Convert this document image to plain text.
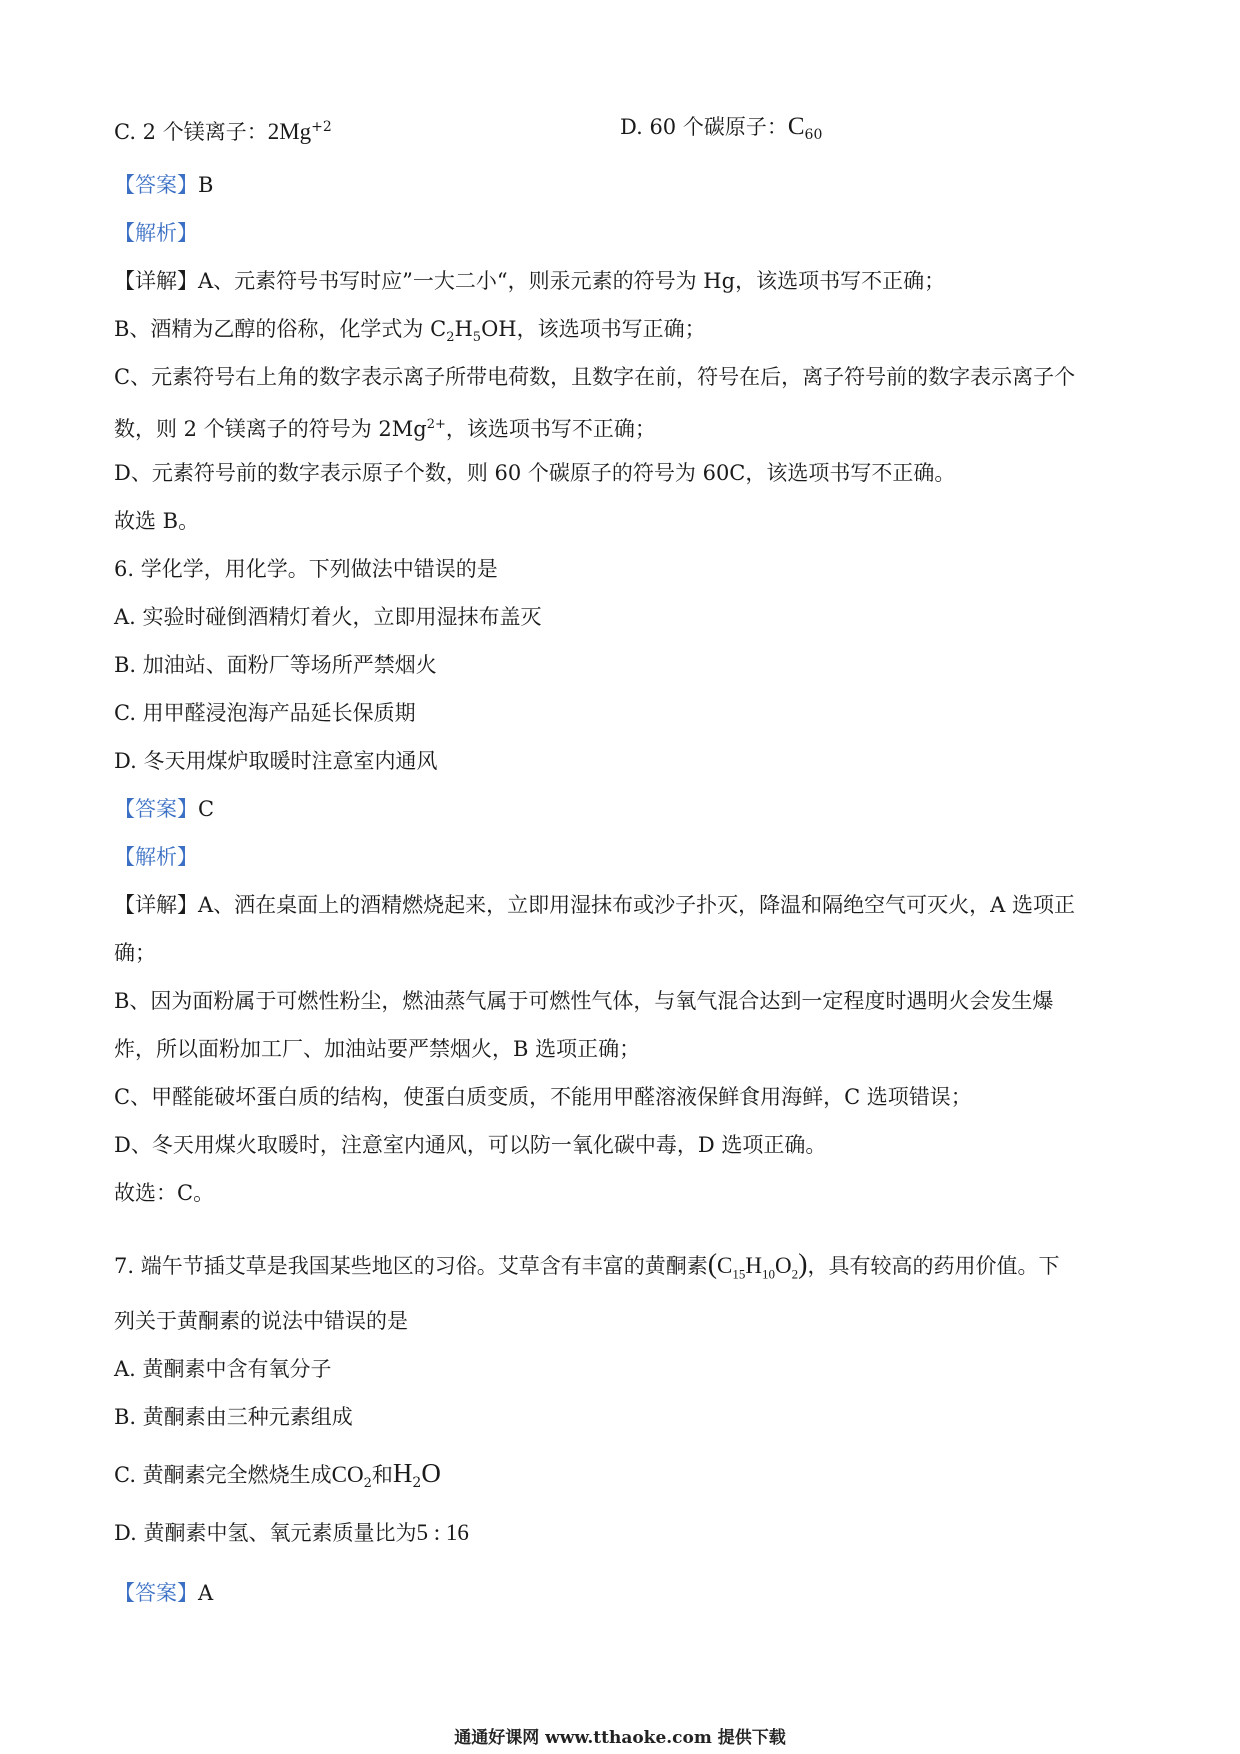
C. 2 个镁离子：$2Mg^{+2}$	D. 60 个碳原子：$C_{60}$
【答案】B
【解析】
【详解】A、元素符号书写时应”一大二小“，则汞元素的符号为 Hg，该选项书写不正确；
B、酒精为乙醇的俗称，化学式为 $C_2H_5OH$，该选项书写正确；
C、元素符号右上角的数字表示离子所带电荷数，且数字在前，符号在后，离子符号前的数字表示离子个
数，则 2 个镁离子的符号为 $2Mg^{2+}$，该选项书写不正确；
D、元素符号前的数字表示原子个数，则 60 个碳原子的符号为 60C，该选项书写不正确。
故选 B。
6. 学化学，用化学。下列做法中错误的是
A. 实验时碰倒酒精灯着火，立即用湿抹布盖灭
B. 加油站、面粉厂等场所严禁烟火
C. 用甲醛浸泡海产品延长保质期
D. 冬天用煤炉取暖时注意室内通风
【答案】C
【解析】
【详解】A、洒在桌面上的酒精燃烧起来，立即用湿抹布或沙子扑灭，降温和隔绝空气可灭火，A 选项正
确；
B、因为面粉属于可燃性粉尘，燃油蒸气属于可燃性气体，与氧气混合达到一定程度时遇明火会发生爆
炸，所以面粉加工厂、加油站要严禁烟火，B 选项正确；
C、甲醛能破坏蛋白质的结构，使蛋白质变质，不能用甲醛溶液保鲜食用海鲜，C 选项错误；
D、冬天用煤火取暖时，注意室内通风，可以防一氧化碳中毒，D 选项正确。
故选：C。
7. 端午节插艾草是我国某些地区的习俗。艾草含有丰富的黄酮素$(C_{15}H_{10}O_2)$，具有较高的药用价值。下
列关于黄酮素的说法中错误的是
A. 黄酮素中含有氧分子
B. 黄酮素由三种元素组成
C. 黄酮素完全燃烧生成$CO_2$和$H_2O$
D. 黄酮素中氢、氧元素质量比为5 : 16
【答案】A
通通好课网 www.tthaoke.com 提供下载
